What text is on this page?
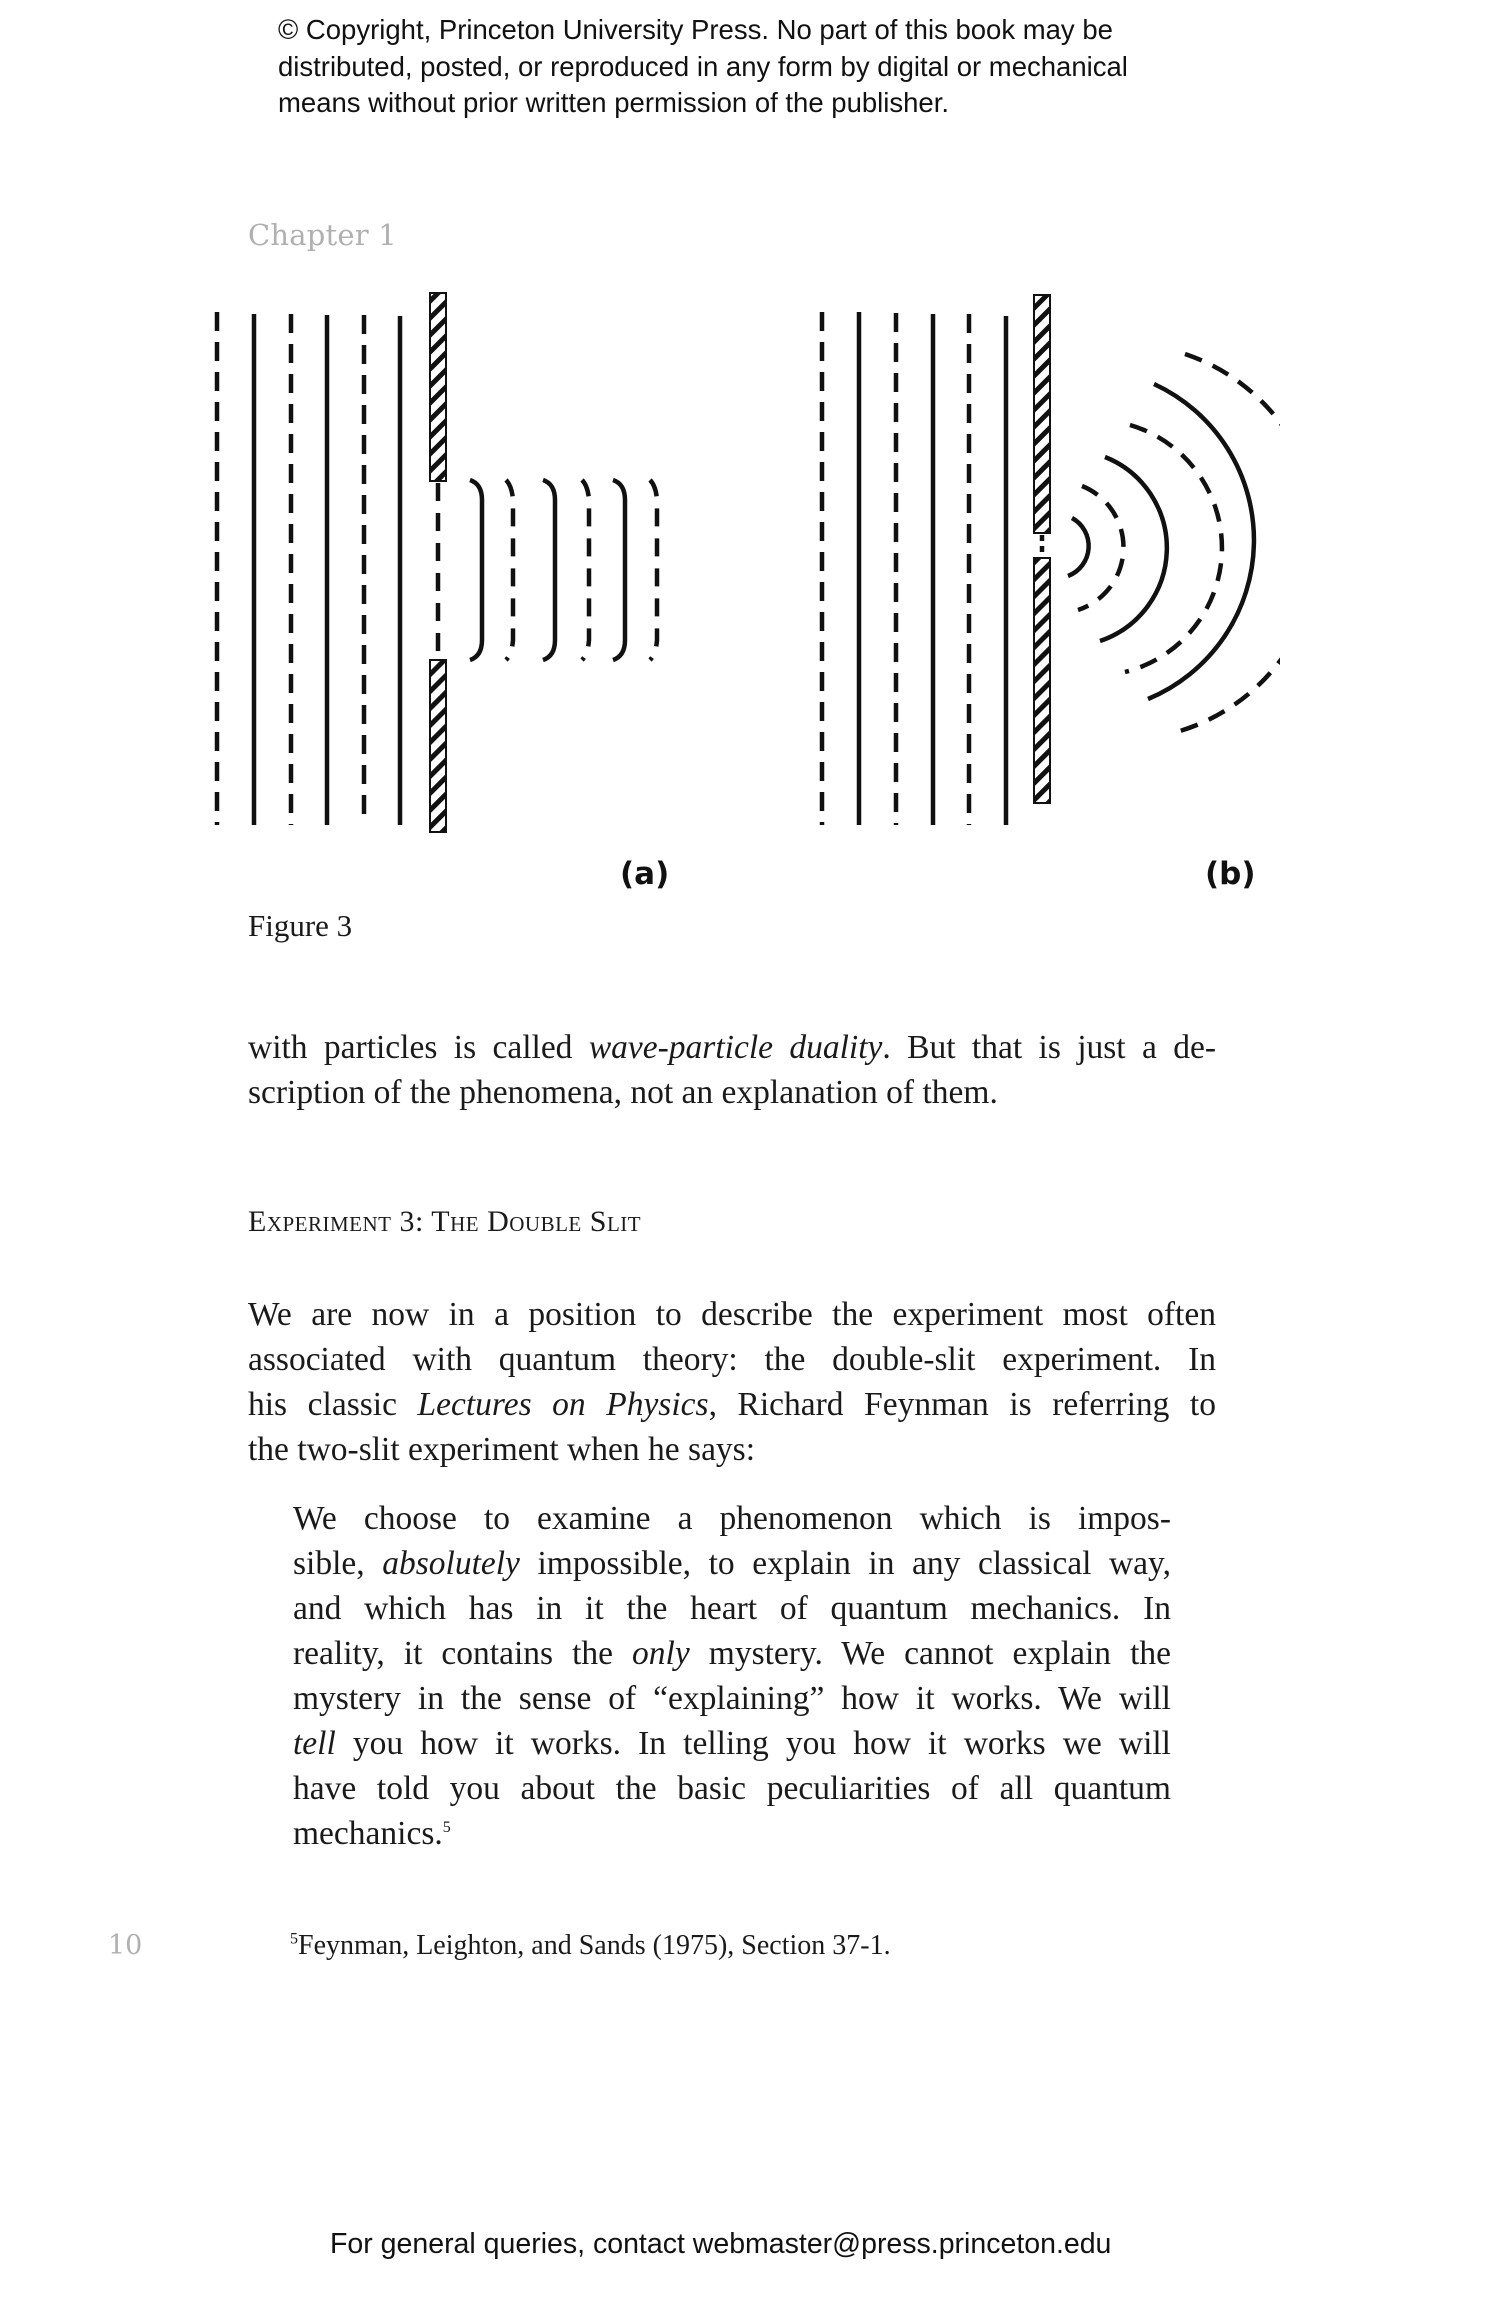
© Copyright, Princeton University Press. No part of this book may be
distributed, posted, or reproduced in any form by digital or mechanical
means without prior written permission of the publisher.
Chapter 1
(a)	(b)
Figure 3
with particles is called wave-particle duality. But that is just a de-
scription of the phenomena, not an explanation of them.
Experiment 3: The Double Slit
We are now in a position to describe the experiment most often
associated with quantum theory: the double-slit experiment. In
his classic Lectures on Physics, Richard Feynman is referring to
the two-slit experiment when he says:
We choose to examine a phenomenon which is impos-
sible, absolutely impossible, to explain in any classical way,
and which has in it the heart of quantum mechanics. In
reality, it contains the only mystery. We cannot explain the
mystery in the sense of “explaining” how it works. We will
tell you how it works. In telling you how it works we will
have told you about the basic peculiarities of all quantum
mechanics.$^5$
10	$^5$Feynman, Leighton, and Sands (1975), Section 37-1.
For general queries, contact webmaster@press.princeton.edu
